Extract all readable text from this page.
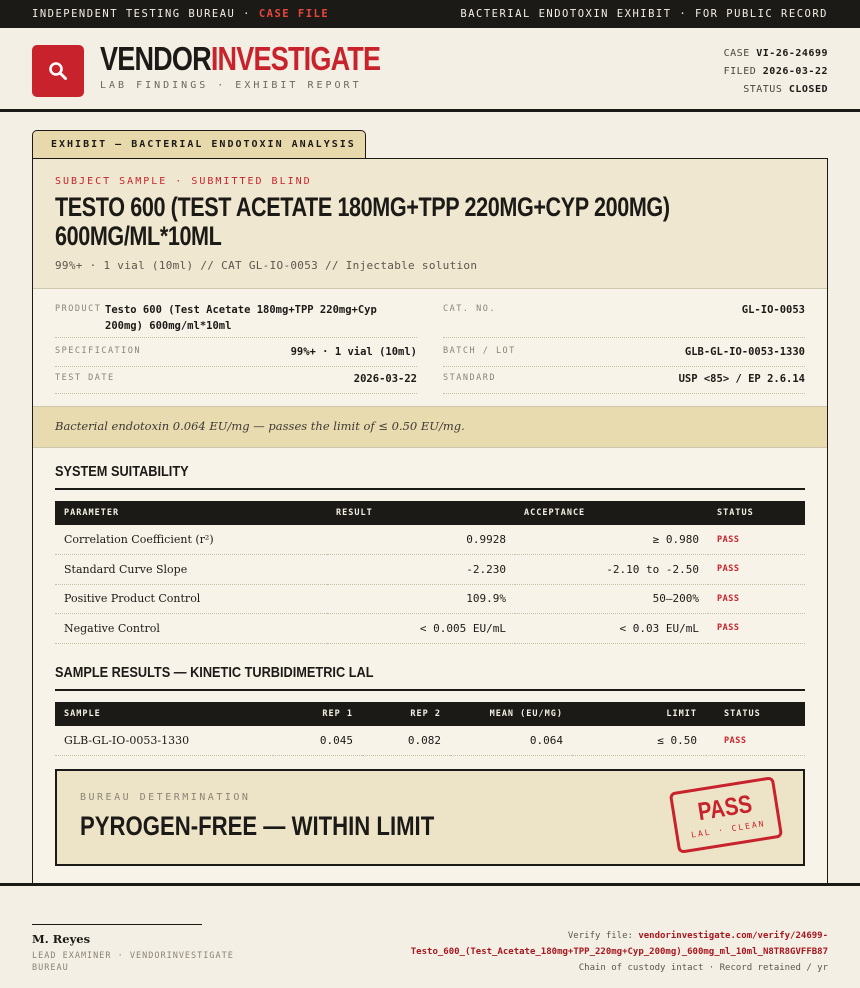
INDEPENDENT TESTING BUREAU · CASE FILE	BACTERIAL ENDOTOXIN EXHIBIT · FOR PUBLIC RECORD
VENDORINVESTIGATE
LAB FINDINGS · EXHIBIT REPORT
CASE VI-26-24699
FILED 2026-03-22
STATUS CLOSED
EXHIBIT — BACTERIAL ENDOTOXIN ANALYSIS
SUBJECT SAMPLE · SUBMITTED BLIND
TESTO 600 (TEST ACETATE 180MG+TPP 220MG+CYP 200MG) 600MG/ML*10ML
99%+ · 1 vial (10ml) // CAT GL-IO-0053 // Injectable solution
PRODUCT Testo 600 (Test Acetate 180mg+TPP 220mg+Cyp 200mg) 600mg/ml*10ml
SPECIFICATION	99%+ · 1 vial (10ml)
TEST DATE	2026-03-22
CAT. NO.	GL-IO-0053
BATCH / LOT	GLB-GL-IO-0053-1330
STANDARD	USP <85> / EP 2.6.14
Bacterial endotoxin 0.064 EU/mg — passes the limit of ≤ 0.50 EU/mg.
SYSTEM SUITABILITY
PARAMETER	RESULT	ACCEPTANCE	STATUS
Correlation Coefficient (r²)	0.9928	≥ 0.980	PASS
Standard Curve Slope	-2.230	-2.10 to -2.50	PASS
Positive Product Control	109.9%	50–200%	PASS
Negative Control	< 0.005 EU/mL	< 0.03 EU/mL	PASS
SAMPLE RESULTS — KINETIC TURBIDIMETRIC LAL
SAMPLE	REP 1	REP 2	MEAN (EU/MG)	LIMIT	STATUS
GLB-GL-IO-0053-1330	0.045	0.082	0.064	≤ 0.50	PASS
BUREAU DETERMINATION
PYROGEN-FREE — WITHIN LIMIT	PASS
LAL · CLEAN
M. Reyes
LEAD EXAMINER · VENDORINVESTIGATE BUREAU
Verify file: vendorinvestigate.com/verify/24699-
Testo_600_(Test_Acetate_180mg+TPP_220mg+Cyp_200mg)_600mg_ml_10ml_N8TR8GVFFB87
Chain of custody intact · Record retained / yr
